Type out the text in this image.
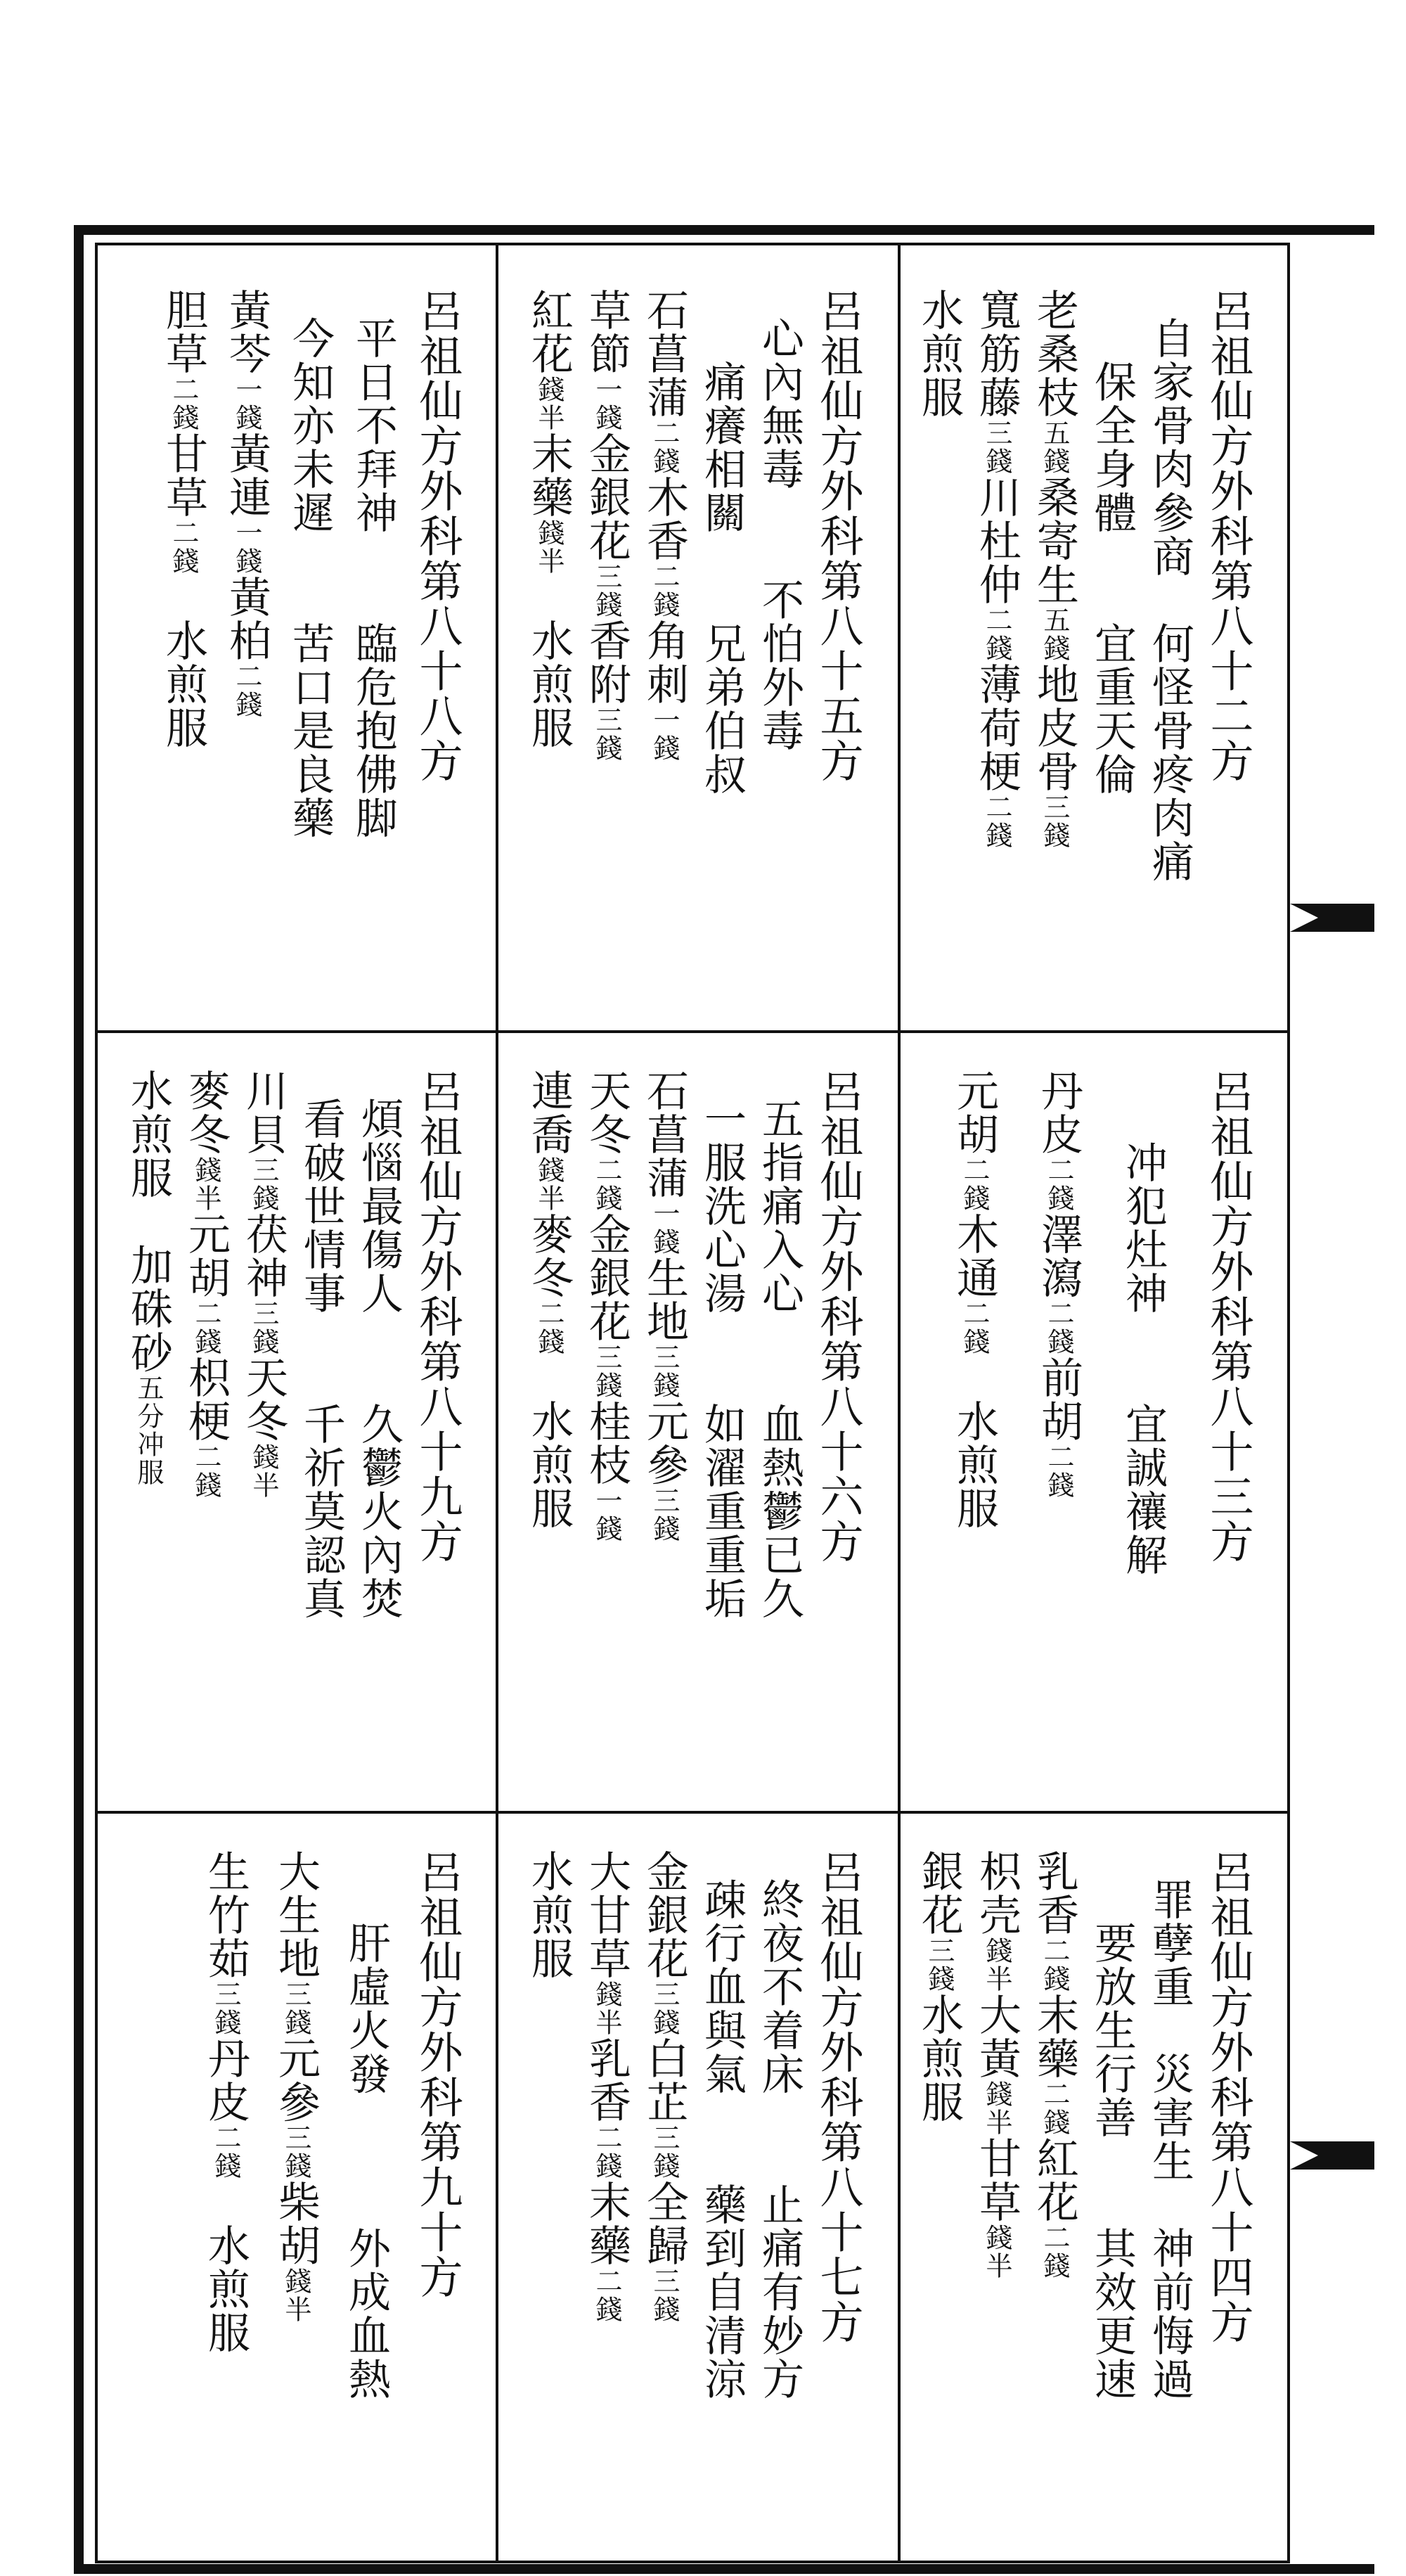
呂祖仙方外科第八十二方
自家骨肉參商　何怪骨疼肉痛
　保全身體　　宜重天倫
老桑枝五錢桑寄生五錢地皮骨三錢
寬筋藤三錢川杜仲二錢薄荷梗二錢
水煎服
呂祖仙方外科第八十五方
心內無毒　　不怕外毒
　痛癢相關　　兄弟伯叔
石菖蒲二錢木香二錢角刺一錢
草節一錢金銀花三錢香附三錢
紅花錢半末藥錢半　水煎服
呂祖仙方外科第八十八方
平日不拜神　　臨危抱佛脚
今知亦未遲　　苦口是良藥
黃芩一錢黃連一錢黃柏二錢
胆草二錢甘草二錢　水煎服
呂祖仙方外科第八十三方
　冲犯灶神　　宜誠禳解
丹皮二錢澤瀉二錢前胡二錢
元胡二錢木通二錢　水煎服
呂祖仙方外科第八十六方
五指痛入心　　血熱鬱已久
一服洗心湯　　如濯重重垢
石菖蒲一錢生地三錢元參三錢
天冬二錢金銀花三錢桂枝一錢
連喬錢半麥冬二錢　水煎服
呂祖仙方外科第八十九方
煩惱最傷人　　久鬱火內焚
看破世情事　　千祈莫認真
川貝三錢茯神三錢天冬錢半
麥冬錢半元胡二錢枳梗二錢
水煎服　加硃砂五分冲服
呂祖仙方外科第八十四方
罪孽重　災害生　神前悔過
　要放生行善　　其效更速
乳香二錢末藥二錢紅花二錢
枳壳錢半大黃錢半甘草錢半
銀花三錢水煎服
呂祖仙方外科第八十七方
終夜不着床　　止痛有妙方
疎行血與氣　　藥到自清涼
金銀花三錢白芷三錢全歸三錢
大甘草錢半乳香二錢末藥二錢
水煎服
呂祖仙方外科第九十方
　肝虛火發　　　外成血熱
大生地三錢元參三錢柴胡錢半
生竹茹三錢丹皮二錢　水煎服
